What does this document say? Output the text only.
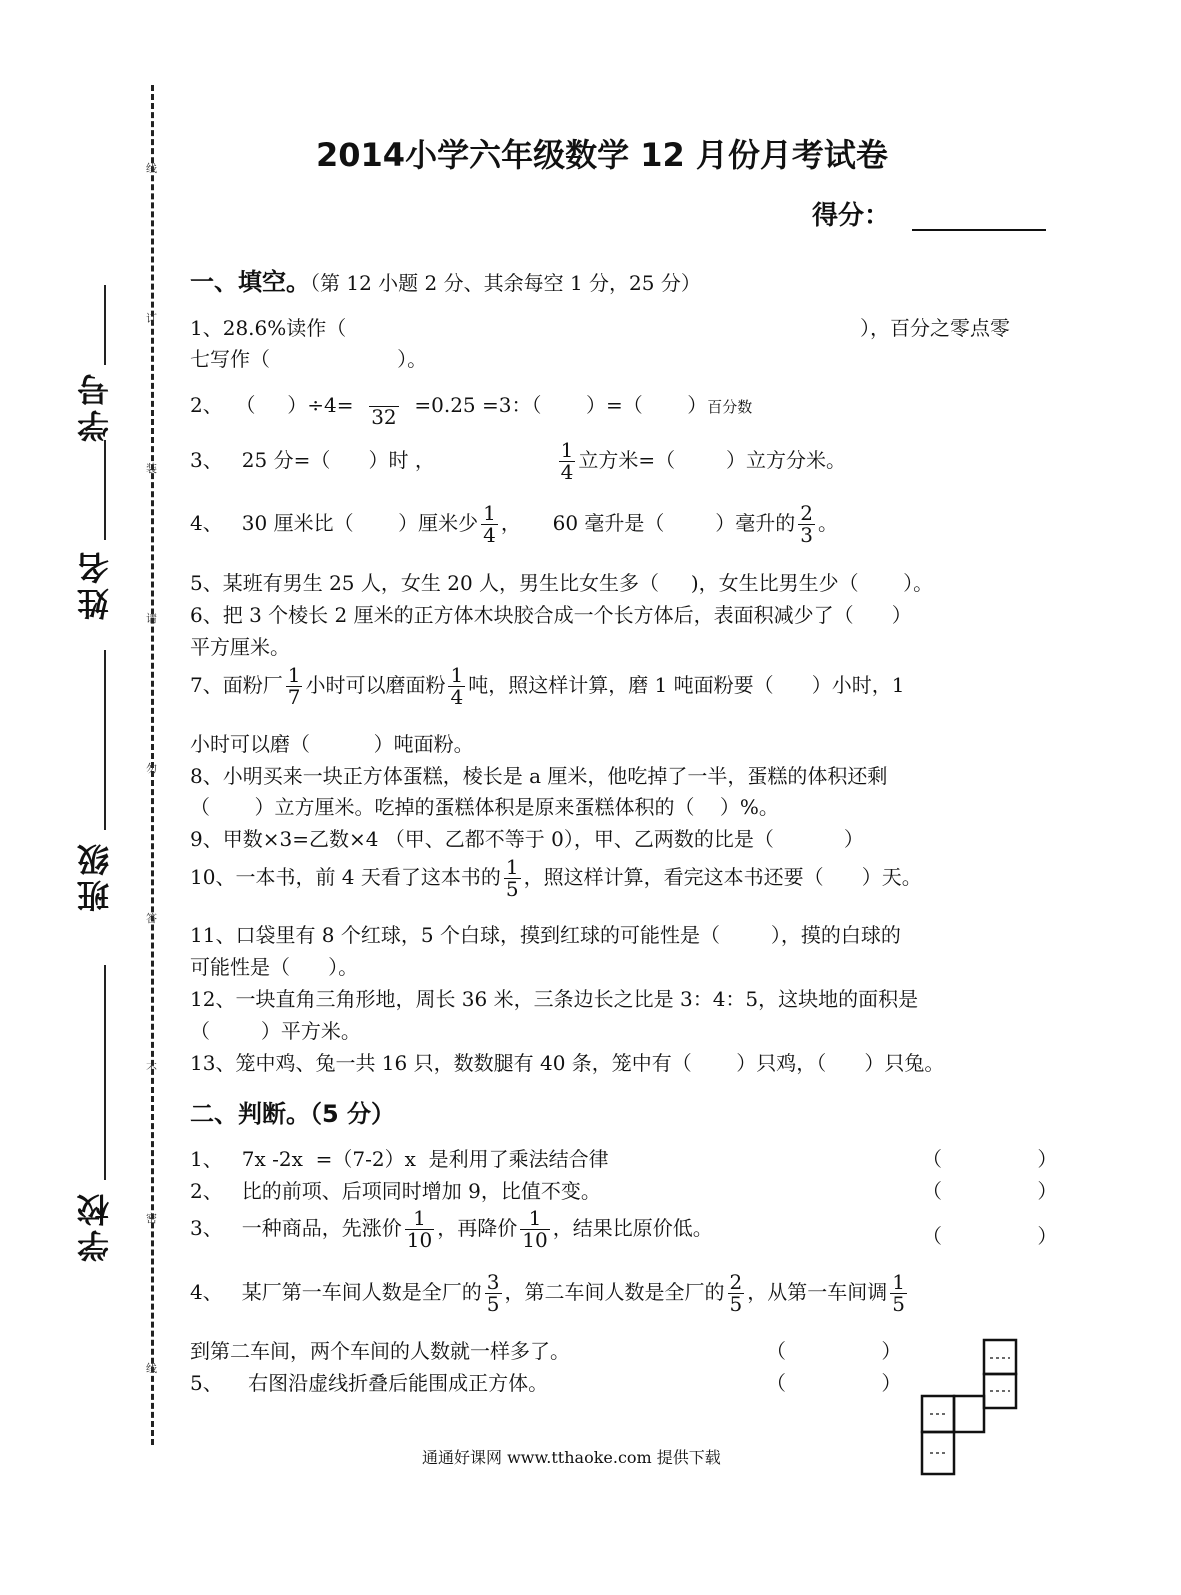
线
订
装
请
勿
答
不
密
线
学号
姓名
班级
学校
2014小学六年级数学 12 月份月考试卷
得分：
一、填空。（第 12 小题 2 分、其余每空 1 分，25 分）
1、28.6%读作（	），百分之零点零
七写作（                    ）。
2、  （     ）÷4= 32 =0.25 =3：（       ）=（       ）百分数
3、   25 分=（      ）时 ，	$\frac{1}{4}$ 立方米=（        ）立方分米。
4、   30 厘米比（       ）厘米少 $\frac{1}{4}$ ，     60 毫升是（        ）毫升的 $\frac{2}{3}$ 。
5、某班有男生 25 人，女生 20 人，男生比女生多（     )，女生比男生少（       ）。
6、把 3 个棱长 2 厘米的正方体木块胶合成一个长方体后，表面积减少了（      ）
平方厘米。
7、面粉厂 $\frac{1}{7}$ 小时可以磨面粉 $\frac{1}{4}$ 吨，照这样计算，磨 1 吨面粉要（      ）小时，1
小时可以磨（          ）吨面粉。
8、小明买来一块正方体蛋糕，棱长是 a 厘米，他吃掉了一半，蛋糕的体积还剩
（       ）立方厘米。吃掉的蛋糕体积是原来蛋糕体积的（    ）%。
9、甲数×3=乙数×4 （甲、乙都不等于 0），甲、乙两数的比是（           ）
10、一本书，前 4 天看了这本书的 $\frac{1}{5}$ ，照这样计算，看完这本书还要（      ）天。
11、口袋里有 8 个红球，5 个白球，摸到红球的可能性是（        ），摸的白球的
可能性是（      ）。
12、一块直角三角形地，周长 36 米，三条边长之比是 3：4：5，这块地的面积是
（        ）平方米。
13、笼中鸡、兔一共 16 只，数数腿有 40 条，笼中有（       ）只鸡，（      ）只兔。
二、判断。（5 分）
1、   7x -2x  =（7-2）x  是利用了乘法结合律	（               ）
2、   比的前项、后项同时增加 9，比值不变。	（               ）
3、   一种商品，先涨价 $\frac{1}{10}$ ，再降价 $\frac{1}{10}$ ，结果比原价低。	（               ）
4、   某厂第一车间人数是全厂的 $\frac{3}{5}$ ，第二车间人数是全厂的 $\frac{2}{5}$ ，从第一车间调 $\frac{1}{5}$
到第二车间，两个车间的人数就一样多了。	（               ）
5、    右图沿虚线折叠后能围成正方体。	（               ）
通通好课网 www.tthaoke.com 提供下载
